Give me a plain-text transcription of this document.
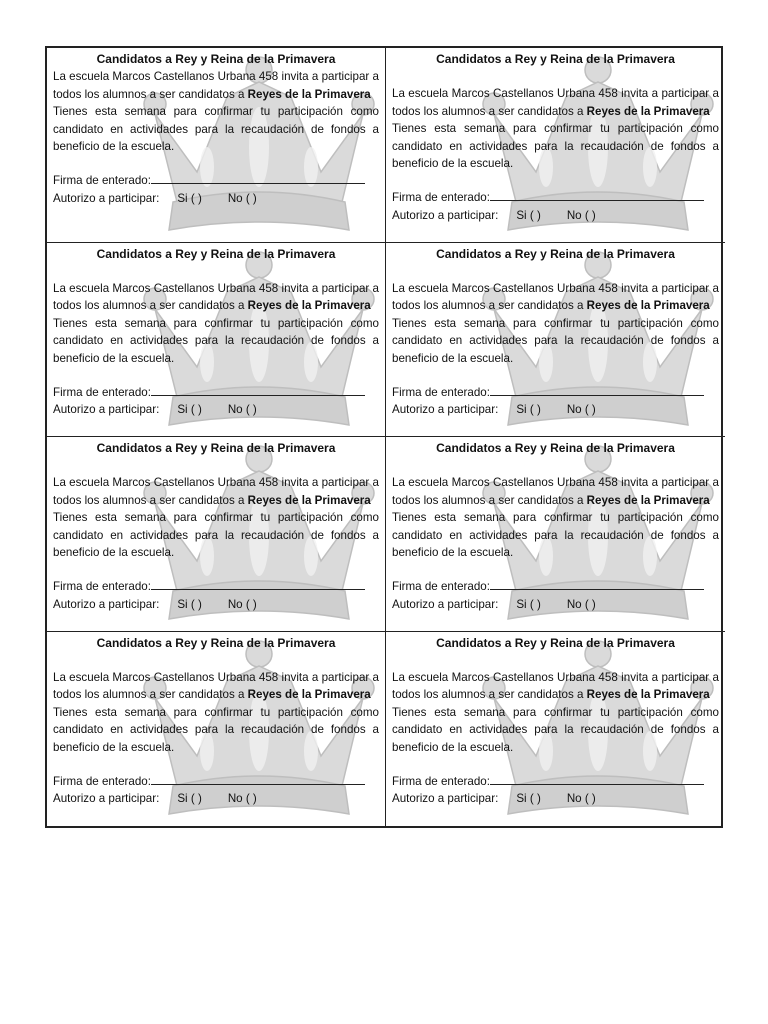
Candidatos a Rey y Reina de la Primavera
La escuela Marcos Castellanos Urbana 458 invita a participar a todos los alumnos a ser candidatos a Reyes de la Primavera
Tienes esta semana para confirmar tu participación como candidato en actividades para la recaudación de fondos a beneficio de la escuela.
Firma de enterado:
Autorizo a participar: Si ( ) No ( )
Candidatos a Rey y Reina de la Primavera
La escuela Marcos Castellanos Urbana 458 invita a participar a todos los alumnos a ser candidatos a Reyes de la Primavera
Tienes esta semana para confirmar tu participación como candidato en actividades para la recaudación de fondos a beneficio de la escuela.
Firma de enterado:
Autorizo a participar: Si ( ) No ( )
Candidatos a Rey y Reina de la Primavera
La escuela Marcos Castellanos Urbana 458 invita a participar a todos los alumnos a ser candidatos a Reyes de la Primavera
Tienes esta semana para confirmar tu participación como candidato en actividades para la recaudación de fondos a beneficio de la escuela.
Firma de enterado:
Autorizo a participar: Si ( ) No ( )
Candidatos a Rey y Reina de la Primavera
La escuela Marcos Castellanos Urbana 458 invita a participar a todos los alumnos a ser candidatos a Reyes de la Primavera
Tienes esta semana para confirmar tu participación como candidato en actividades para la recaudación de fondos a beneficio de la escuela.
Firma de enterado:
Autorizo a participar: Si ( ) No ( )
Candidatos a Rey y Reina de la Primavera
La escuela Marcos Castellanos Urbana 458 invita a participar a todos los alumnos a ser candidatos a Reyes de la Primavera
Tienes esta semana para confirmar tu participación como candidato en actividades para la recaudación de fondos a beneficio de la escuela.
Firma de enterado:
Autorizo a participar: Si ( ) No ( )
Candidatos a Rey y Reina de la Primavera
La escuela Marcos Castellanos Urbana 458 invita a participar a todos los alumnos a ser candidatos a Reyes de la Primavera
Tienes esta semana para confirmar tu participación como candidato en actividades para la recaudación de fondos a beneficio de la escuela.
Firma de enterado:
Autorizo a participar: Si ( ) No ( )
Candidatos a Rey y Reina de la Primavera
La escuela Marcos Castellanos Urbana 458 invita a participar a todos los alumnos a ser candidatos a Reyes de la Primavera
Tienes esta semana para confirmar tu participación como candidato en actividades para la recaudación de fondos a beneficio de la escuela.
Firma de enterado:
Autorizo a participar: Si ( ) No ( )
Candidatos a Rey y Reina de la Primavera
La escuela Marcos Castellanos Urbana 458 invita a participar a todos los alumnos a ser candidatos a Reyes de la Primavera
Tienes esta semana para confirmar tu participación como candidato en actividades para la recaudación de fondos a beneficio de la escuela.
Firma de enterado:
Autorizo a participar: Si ( ) No ( )
